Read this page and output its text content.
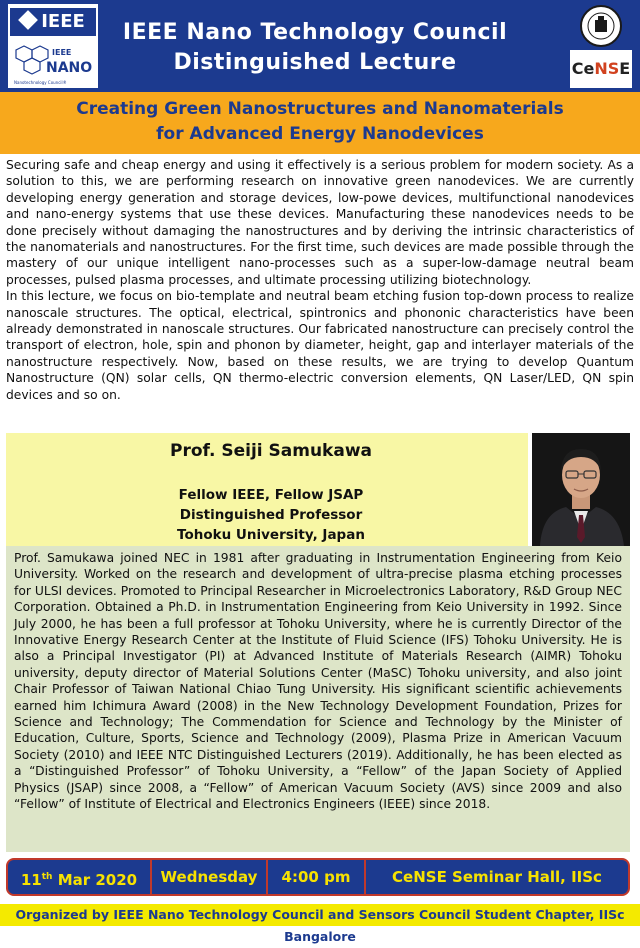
IEEE
IEEE
NANO
Nanotechnology Council®
IEEE Nano Technology Council
Distinguished Lecture	CeNSE
Creating Green Nanostructures and Nanomaterials
for Advanced Energy Nanodevices

Securing safe and cheap energy and using it effectively is a serious problem for modern society. As a solution to this, we are performing research on innovative green nanodevices. We are currently developing energy generation and storage devices, low-powe devices, multifunctional nanodevices and nano-energy systems that use these devices. Manufacturing these nanodevices needs to be done precisely without damaging the nanostructures and by deriving the intrinsic characteristics of the nanomaterials and nanostructures. For the first time, such devices are made possible through the mastery of our unique intelligent nano-processes such as a super-low-damage neutral beam processes, pulsed plasma processes, and ultimate processing utilizing biotechnology.

In this lecture, we focus on bio-template and neutral beam etching fusion top-down process to realize nanoscale structures. The optical, electrical, spintronics and phononic characteristics have been already demonstrated in nanoscale structures. Our fabricated nanostructure can precisely control the transport of electron, hole, spin and phonon by diameter, height, gap and interlayer materials of the nanostructure respectively. Now, based on these results, we are trying to develop Quantum Nanostructure (QN) solar cells, QN thermo-electric conversion elements, QN Laser/LED, QN spin devices and so on.

Prof. Seiji Samukawa
Fellow IEEE, Fellow JSAP
Distinguished Professor
Tohoku University, Japan

Prof. Samukawa joined NEC in 1981 after graduating in Instrumentation Engineering from Keio University. Worked on the research and development of ultra-precise plasma etching processes for ULSI devices. Promoted to Principal Researcher in Microelectronics Laboratory, R&D Group NEC Corporation. Obtained a Ph.D. in Instrumentation Engineering from Keio University in 1992. Since July 2000, he has been a full professor at Tohoku University, where he is currently Director of the Innovative Energy Research Center at the Institute of Fluid Science (IFS) Tohoku University. He is also a Principal Investigator (PI) at Advanced Institute of Materials Research (AIMR) Tohoku university, deputy director of Material Solutions Center (MaSC) Tohoku university, and also joint Chair Professor of Taiwan National Chiao Tung University. His significant scientific achievements earned him Ichimura Award (2008) in the New Technology Development Foundation, Prizes for Science and Technology; The Commendation for Science and Technology by the Minister of Education, Culture, Sports, Science and Technology (2009), Plasma Prize in American Vacuum Society (2010) and IEEE NTC Distinguished Lecturers (2019). Additionally, he has been elected as a “Distinguished Professor” of Tohoku University, a “Fellow” of the Japan Society of Applied Physics (JSAP) since 2008, a “Fellow” of American Vacuum Society (AVS) since 2009 and also “Fellow” of Institute of Electrical and Electronics Engineers (IEEE) since 2018.

11th Mar 2020	Wednesday	4:00 pm	CeNSE Seminar Hall, IISc
Organized by IEEE Nano Technology Council and Sensors Council Student Chapter, IISc Bangalore
